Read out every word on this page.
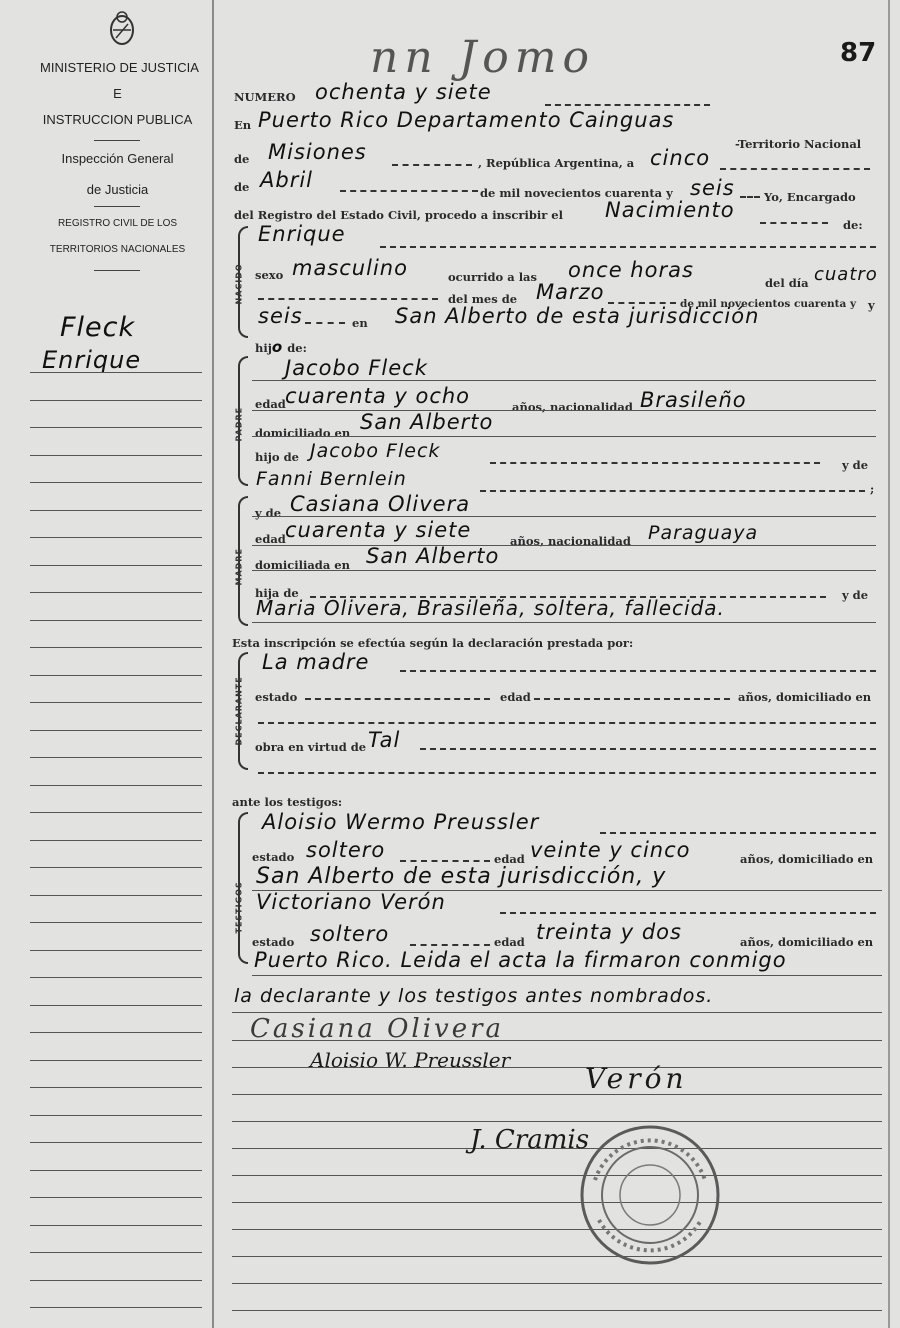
MINISTERIO DE JUSTICIA
E
INSTRUCCION PUBLICA
Inspección General
de Justicia
REGISTRO CIVIL DE LOS
TERRITORIOS NACIONALES
Fleck
Enrique
nn Jomo	87
NUMERO ochenta y siete
En Puerto Rico Departamento Cainguas
-Territorio Nacional
de Misiones	, República Argentina, a cinco
de Abril
de mil novecientos cuarenta y seis	Yo, Encargado
del Registro del Estado Civil, procedo a inscribir el Nacimiento
de:
NACIDO
Enrique
sexo masculino	ocurrido a las once horas
del día cuatro
del mes de Marzo	de mil novecientos cuarenta y y
seis	en San Alberto de esta jurisdicción
hijo de:
PADRE
Jacobo Fleck
edad cuarenta y ocho	años, nacionalidad Brasileño
domiciliado en San Alberto
hijo de Jacobo Fleck
y de
Fanni Bernlein	;
MADRE
y de Casiana Olivera
edad cuarenta y siete	años, nacionalidad Paraguaya
domiciliada en San Alberto
hija de	y de
Maria Olivera, Brasileña, soltera, fallecida.
Esta inscripción se efectúa según la declaración prestada por:
DECLARANTE
La madre
estado	edad	años, domiciliado en
obra en virtud de Tal
ante los testigos:
TESTIGOS
Aloisio Wermo Preussler
estado soltero	edad veinte y cinco	años, domiciliado en
San Alberto de esta jurisdicción, y
Victoriano Verón
estado soltero	edad treinta y dos	años, domiciliado en
Puerto Rico. Leida el acta la firmaron conmigo
la declarante y los testigos antes nombrados.
Casiana Olivera
Aloisio W. Preussler
Verón
J. Cramis
